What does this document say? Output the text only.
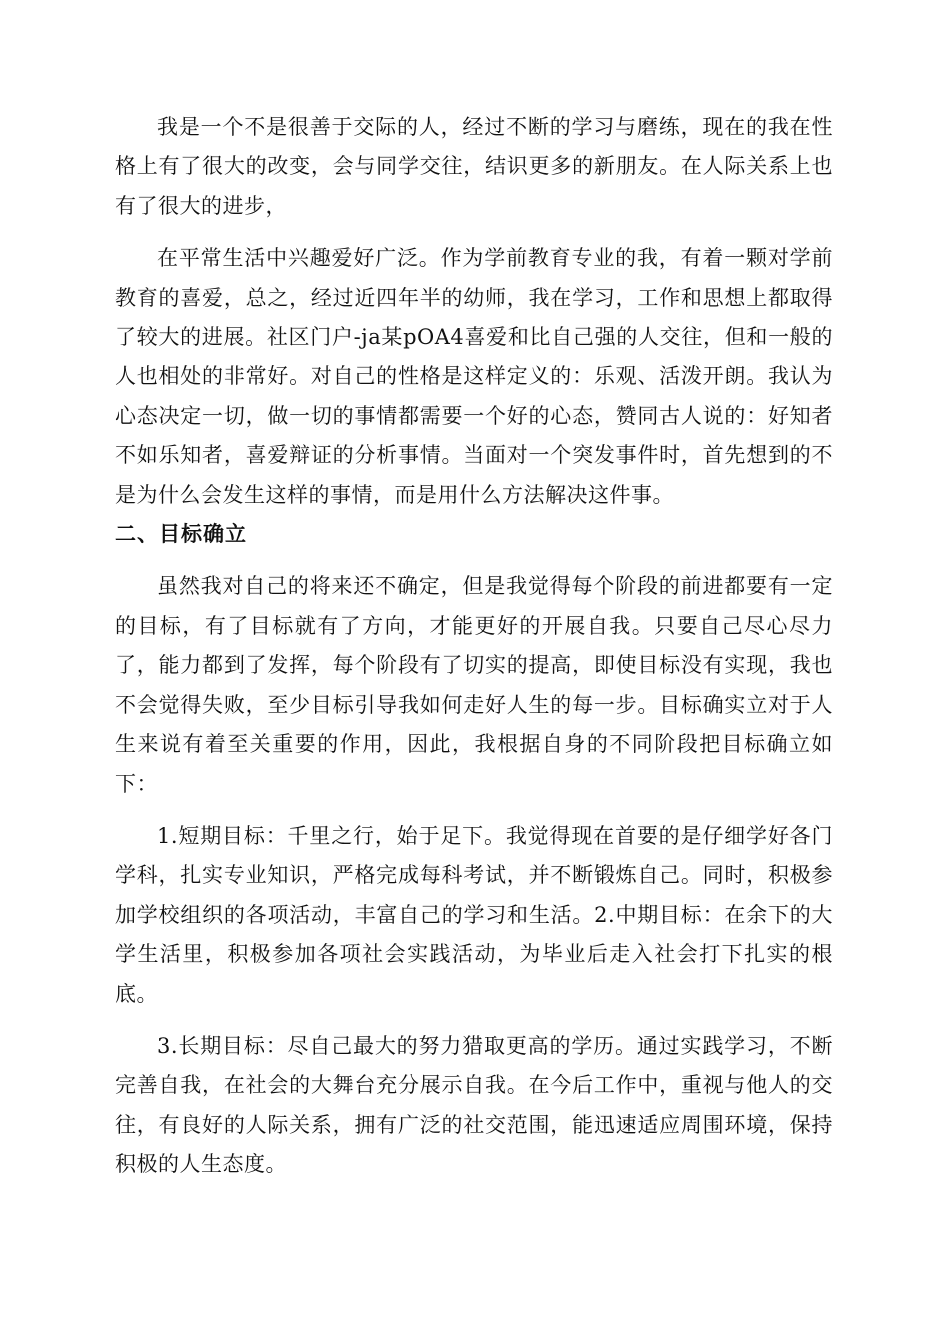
我是一个不是很善于交际的人，经过不断的学习与磨练，现在的我在性格上有了很大的改变，会与同学交往，结识更多的新朋友。在人际关系上也有了很大的进步，

在平常生活中兴趣爱好广泛。作为学前教育专业的我，有着一颗对学前教育的喜爱，总之，经过近四年半的幼师，我在学习，工作和思想上都取得了较大的进展。社区门户-ja某pOA4喜爱和比自己强的人交往，但和一般的人也相处的非常好。对自己的性格是这样定义的：乐观、活泼开朗。我认为心态决定一切，做一切的事情都需要一个好的心态，赞同古人说的：好知者不如乐知者，喜爱辩证的分析事情。当面对一个突发事件时，首先想到的不是为什么会发生这样的事情，而是用什么方法解决这件事。

二、目标确立

虽然我对自己的将来还不确定，但是我觉得每个阶段的前进都要有一定的目标，有了目标就有了方向，才能更好的开展自我。只要自己尽心尽力了，能力都到了发挥，每个阶段有了切实的提高，即使目标没有实现，我也不会觉得失败，至少目标引导我如何走好人生的每一步。目标确实立对于人生来说有着至关重要的作用，因此，我根据自身的不同阶段把目标确立如下：

1.短期目标：千里之行，始于足下。我觉得现在首要的是仔细学好各门学科，扎实专业知识，严格完成每科考试，并不断锻炼自己。同时，积极参加学校组织的各项活动，丰富自己的学习和生活。2.中期目标：在余下的大学生活里，积极参加各项社会实践活动，为毕业后走入社会打下扎实的根底。

3.长期目标：尽自己最大的努力猎取更高的学历。通过实践学习，不断完善自我，在社会的大舞台充分展示自我。在今后工作中，重视与他人的交往，有良好的人际关系，拥有广泛的社交范围，能迅速适应周围环境，保持积极的人生态度。
